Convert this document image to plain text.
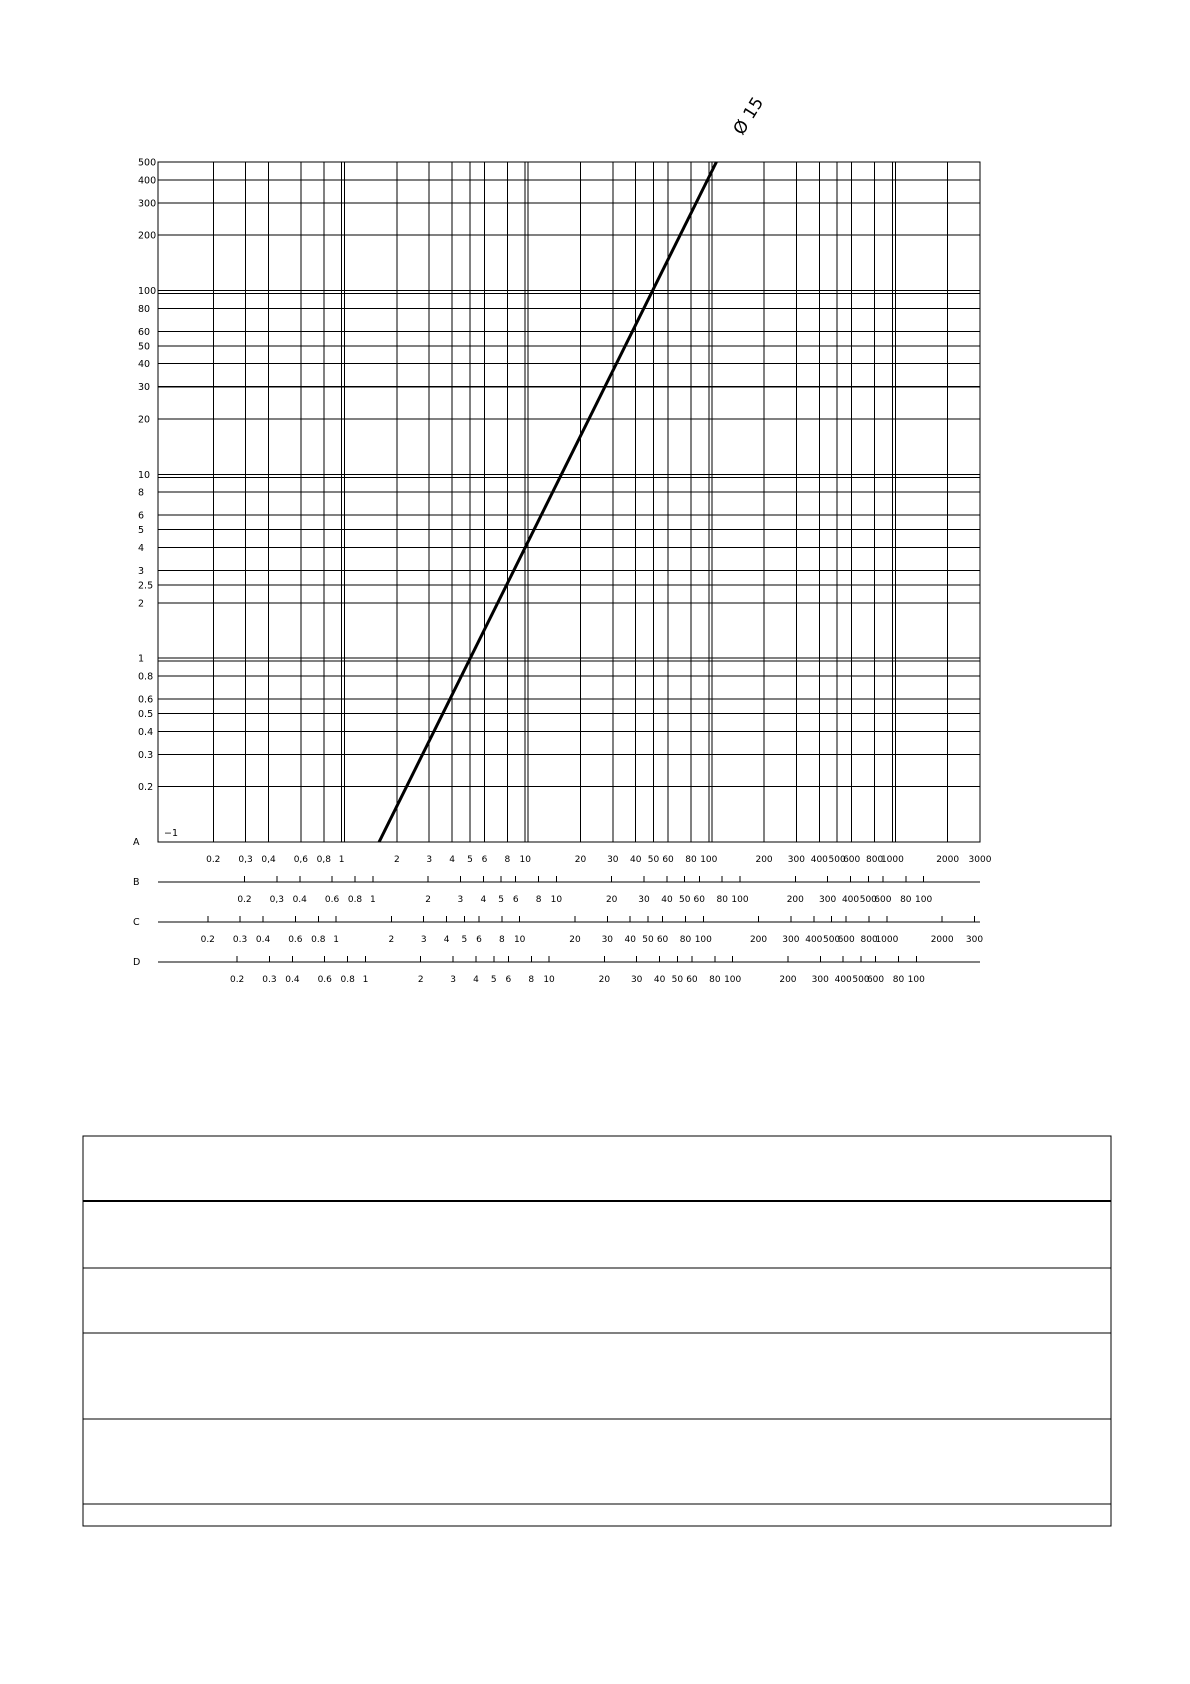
500
400
300
200
100
80
60
50
40
30
20
10
8
6
5
4
3
2.5
2
1
0.8
0.6
0.5
0.4
0.3
0.2
−1
A
0.2 0,3 0,4 0,6 0,8 1	2	3 4 5 6 8 10	20 30 40 50 60 80 100	200 300 400 500
600 800
1000	2000 3000
B
0.2 0,3 0.4 0.6 0.8 1	2	3 4 5 6 8 10	20 30 40 50 60 80 100	200 300 400 500
600 80 100
C
0.2 0.3 0.4 0.6 0.8 1	2	3 4 5 6 8 10	20 30 40 50 60 80 100	200 300 400 500
600 800
1000	2000 300
D
0.2 0.3 0.4 0.6 0.8 1	2	3 4 5 6 8 10	20 30 40 50 60 80 100	200 300 400 500
600 80 100
Ø 15
